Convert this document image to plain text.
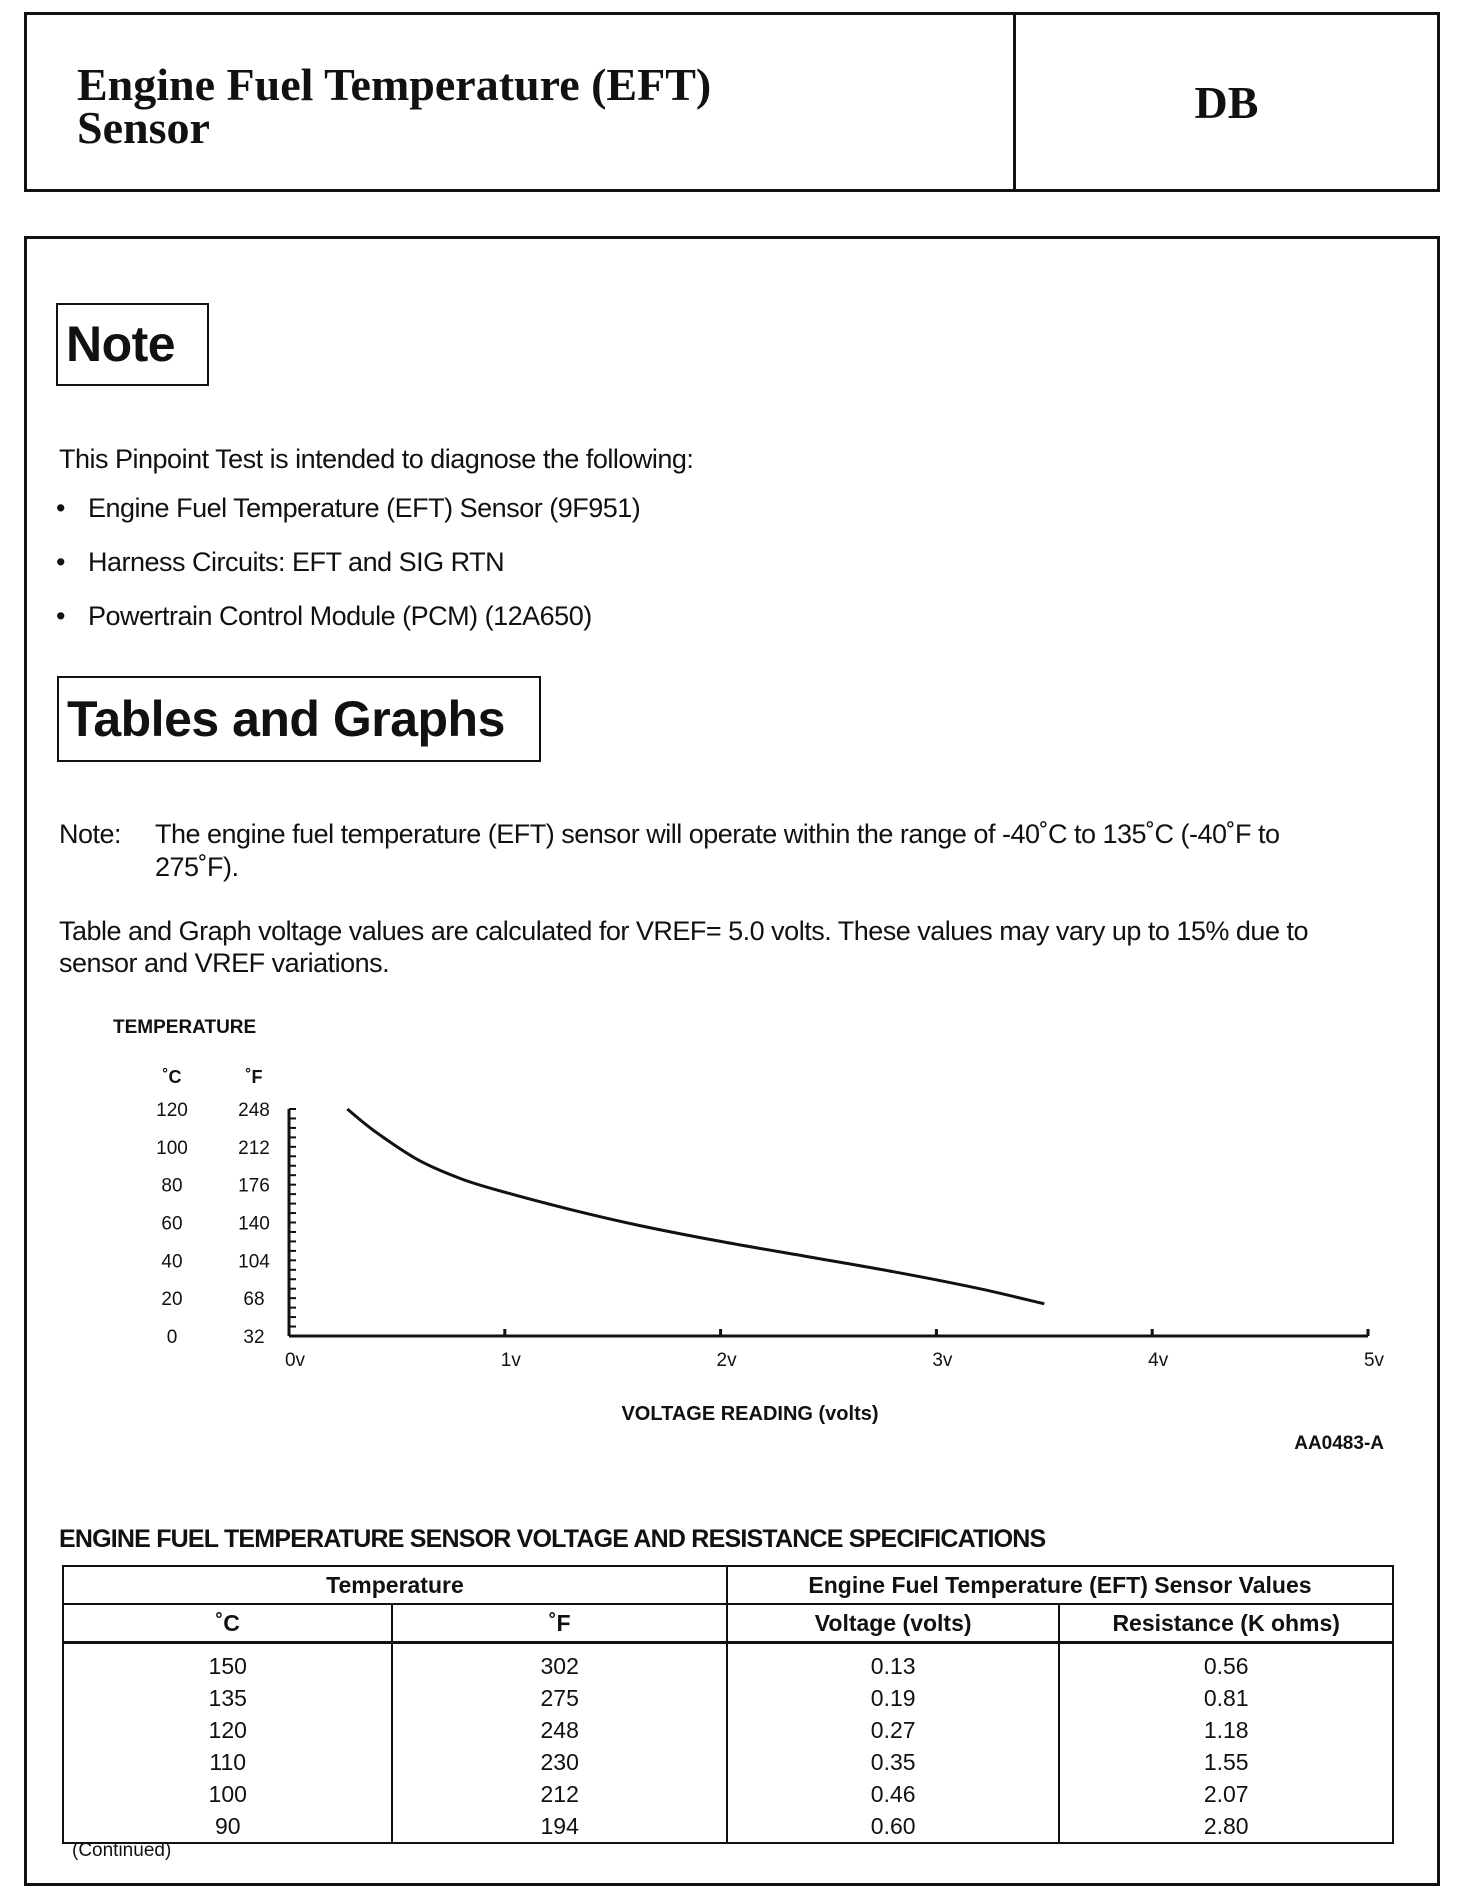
Engine Fuel Temperature (EFT)
Sensor	DB
Note

This Pinpoint Test is intended to diagnose the following:

• Engine Fuel Temperature (EFT) Sensor (9F951)
• Harness Circuits: EFT and SIG RTN
• Powertrain Control Module (PCM) (12A650)
Tables and Graphs
Note: The engine fuel temperature (EFT) sensor will operate within the range of -40˚C to 135˚C (-40˚F to 275˚F).

Table and Graph voltage values are calculated for VREF= 5.0 volts. These values may vary up to 15% due to sensor and VREF variations.

TEMPERATURE
˚C	˚F
120
100
80
60
40
20
0
248
212
176
140
104
68
32
0v	1v	2v	3v	4v	5v
VOLTAGE READING (volts)

AA0483-A

ENGINE FUEL TEMPERATURE SENSOR VOLTAGE AND RESISTANCE SPECIFICATIONS

Temperature		Engine Fuel Temperature (EFT) Sensor Values	
˚C	˚F	Voltage (volts)	Resistance (K ohms)
150	302	0.13	0.56
135	275	0.19	0.81
120	248	0.27	1.18
110	230	0.35	1.55
100	212	0.46	2.07
90	194	0.60	2.80

(Continued)
